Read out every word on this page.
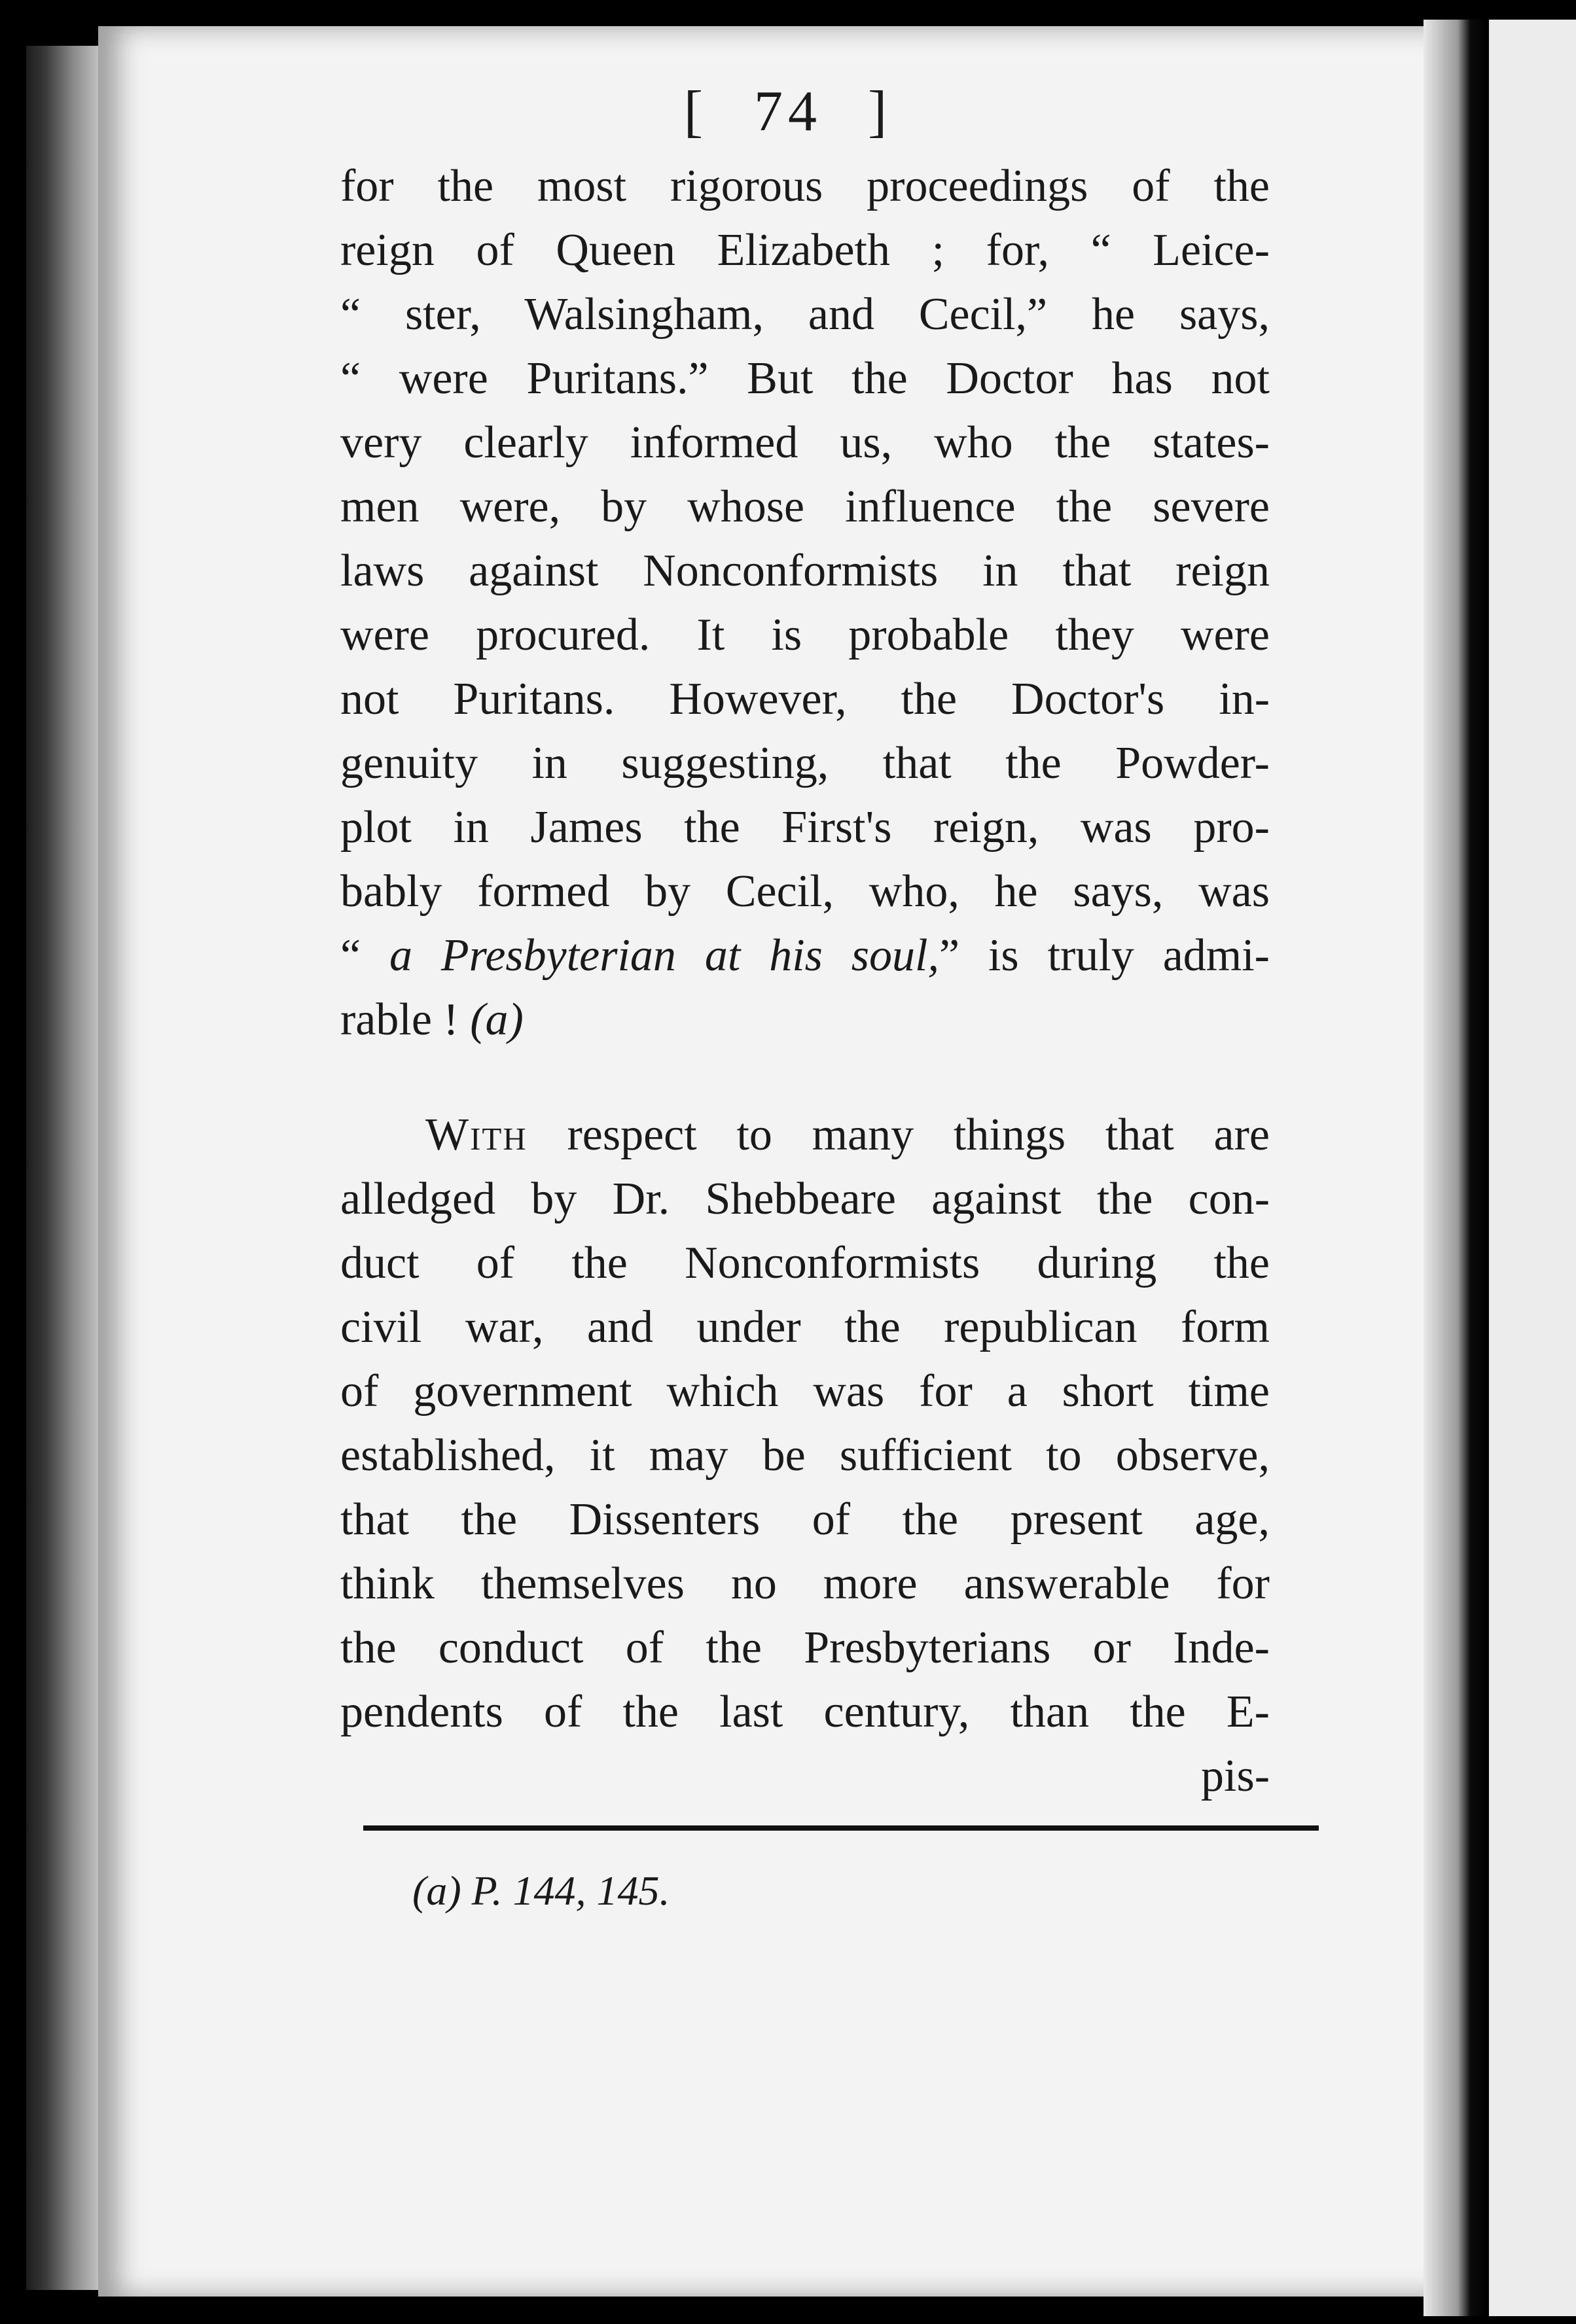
[ 74 ]
for the most rigorous proceedings of the
reign of Queen Elizabeth ; for, “ Leice-
“ ster, Walsingham, and Cecil,” he says,
“ were Puritans.” But the Doctor has not
very clearly informed us, who the states-
men were, by whose influence the severe
laws against Nonconformists in that reign
were procured. It is probable they were
not Puritans. However, the Doctor's in-
genuity in suggesting, that the Powder-
plot in James the First's reign, was pro-
bably formed by Cecil, who, he says, was
“ a Presbyterian at his soul,” is truly admi-
rable ! (a)
With respect to many things that are
alledged by Dr. Shebbeare against the con-
duct of the Nonconformists during the
civil war, and under the republican form
of government which was for a short time
established, it may be sufficient to observe,
that the Dissenters of the present age,
think themselves no more answerable for
the conduct of the Presbyterians or Inde-
pendents of the last century, than the E-
pis-
(a) P. 144, 145.
